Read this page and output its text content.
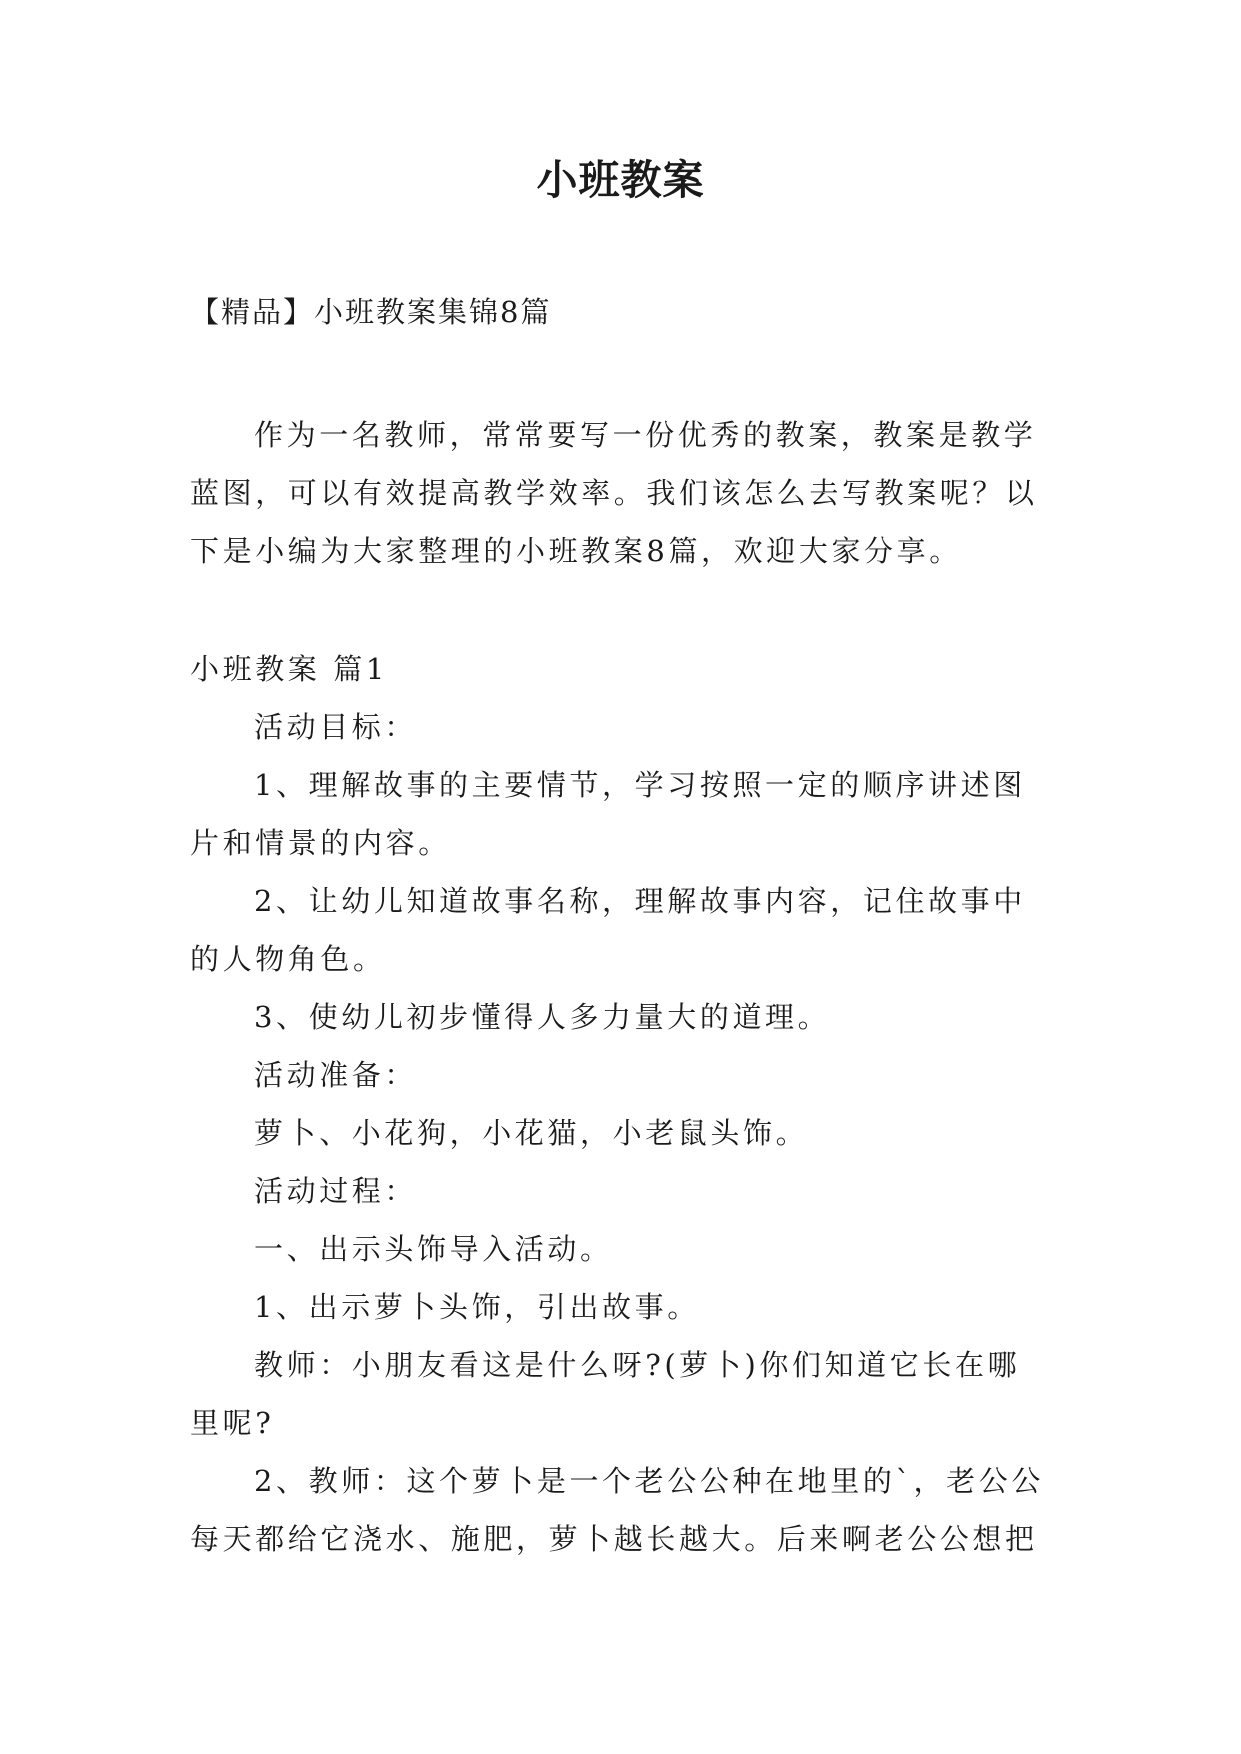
小班教案
【精品】小班教案集锦8篇

作为一名教师，常常要写一份优秀的教案，教案是教学蓝图，可以有效提高教学效率。我们该怎么去写教案呢？以下是小编为大家整理的小班教案8篇，欢迎大家分享。

小班教案 篇1

活动目标：

1、理解故事的主要情节，学习按照一定的顺序讲述图片和情景的内容。

2、让幼儿知道故事名称，理解故事内容，记住故事中的人物角色。

3、使幼儿初步懂得人多力量大的道理。

活动准备：

萝卜、小花狗，小花猫，小老鼠头饰。

活动过程：

一、出示头饰导入活动。

1、出示萝卜头饰，引出故事。

教师：小朋友看这是什么呀?(萝卜)你们知道它长在哪里呢?

2、教师：这个萝卜是一个老公公种在地里的`，老公公每天都给它浇水、施肥，萝卜越长越大。后来啊老公公想把
